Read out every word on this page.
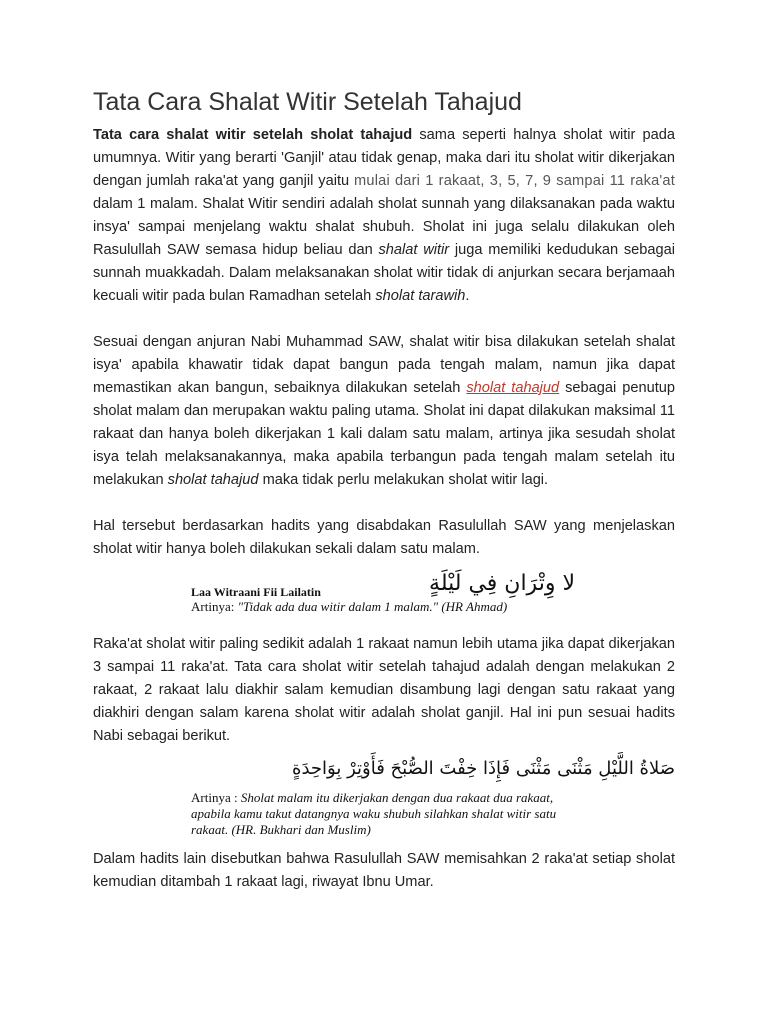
Tata Cara Shalat Witir Setelah Tahajud

Tata cara shalat witir setelah sholat tahajud sama seperti halnya sholat witir pada umumnya. Witir yang berarti 'Ganjil' atau tidak genap, maka dari itu sholat witir dikerjakan dengan jumlah raka'at yang ganjil yaitu mulai dari 1 rakaat, 3, 5, 7, 9 sampai 11 raka'at dalam 1 malam. Shalat Witir sendiri adalah sholat sunnah yang dilaksanakan pada waktu insya' sampai menjelang waktu shalat shubuh. Sholat ini juga selalu dilakukan oleh Rasulullah SAW semasa hidup beliau dan shalat witir juga memiliki kedudukan sebagai sunnah muakkadah. Dalam melaksanakan sholat witir tidak di anjurkan secara berjamaah kecuali witir pada bulan Ramadhan setelah sholat tarawih.

Sesuai dengan anjuran Nabi Muhammad SAW, shalat witir bisa dilakukan setelah shalat isya' apabila khawatir tidak dapat bangun pada tengah malam, namun jika dapat memastikan akan bangun, sebaiknya dilakukan setelah sholat tahajud sebagai penutup sholat malam dan merupakan waktu paling utama. Sholat ini dapat dilakukan maksimal 11 rakaat dan hanya boleh dikerjakan 1 kali dalam satu malam, artinya jika sesudah sholat isya telah melaksanakannya, maka apabila terbangun pada tengah malam setelah itu melakukan sholat tahajud maka tidak perlu melakukan sholat witir lagi.

Hal tersebut berdasarkan hadits yang disabdakan Rasulullah SAW yang menjelaskan sholat witir hanya boleh dilakukan sekali dalam satu malam.

لا وِتْرَانِ فِي لَيْلَةٍ
Laa Witraani Fii Lailatin
Artinya: "Tidak ada dua witir dalam 1 malam." (HR Ahmad)

Raka'at sholat witir paling sedikit adalah 1 rakaat namun lebih utama jika dapat dikerjakan 3 sampai 11 raka'at. Tata cara sholat witir setelah tahajud adalah dengan melakukan 2 rakaat, 2 rakaat lalu diakhir salam kemudian disambung lagi dengan satu rakaat yang diakhiri dengan salam karena sholat witir adalah sholat ganjil. Hal ini pun sesuai hadits Nabi sebagai berikut.

صَلاةُ اللَّيْلِ مَثْنَى مَثْنَى فَإِذَا خِفْتَ الصُّبْحَ فَأَوْتِرْ بِوَاحِدَةٍ
Artinya : Sholat malam itu dikerjakan dengan dua rakaat dua rakaat, apabila kamu takut datangnya waku shubuh silahkan shalat witir satu rakaat. (HR. Bukhari dan Muslim)

Dalam hadits lain disebutkan bahwa Rasulullah SAW memisahkan 2 raka'at setiap sholat kemudian ditambah 1 rakaat lagi, riwayat Ibnu Umar.
